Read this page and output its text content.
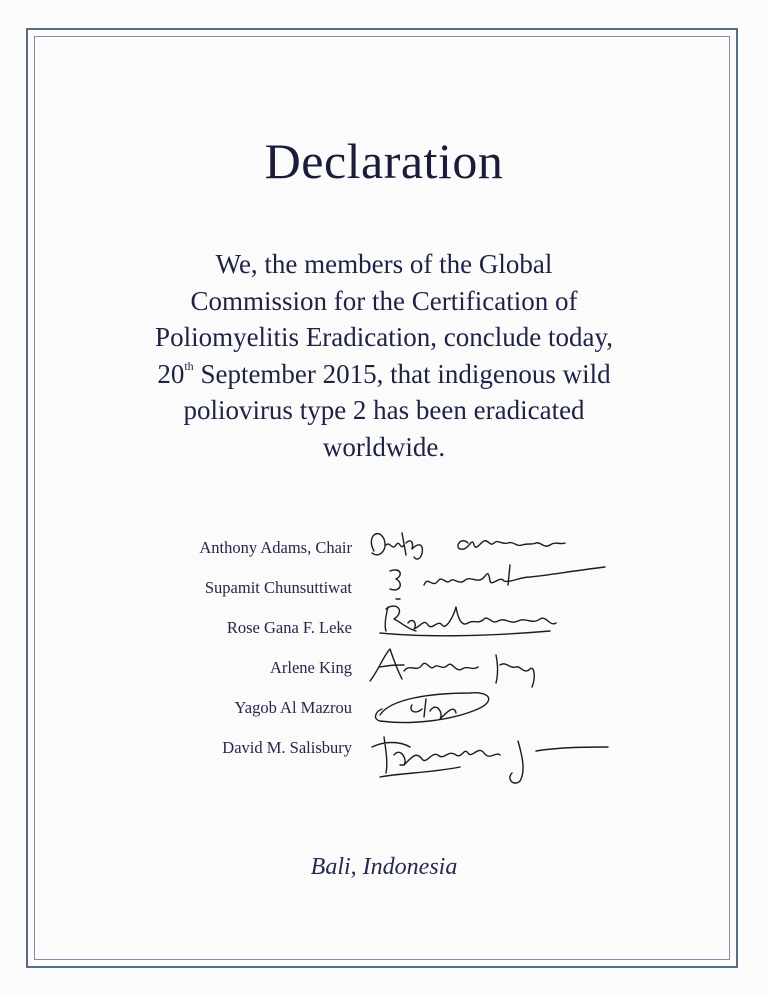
Declaration
We, the members of the Global
Commission for the Certification of
Poliomyelitis Eradication, conclude today,
20th September 2015, that indigenous wild
poliovirus type 2 has been eradicated
worldwide.
Anthony Adams, Chair
Supamit Chunsuttiwat
Rose Gana F. Leke
Arlene King
Yagob Al Mazrou
David M. Salisbury
Bali, Indonesia
